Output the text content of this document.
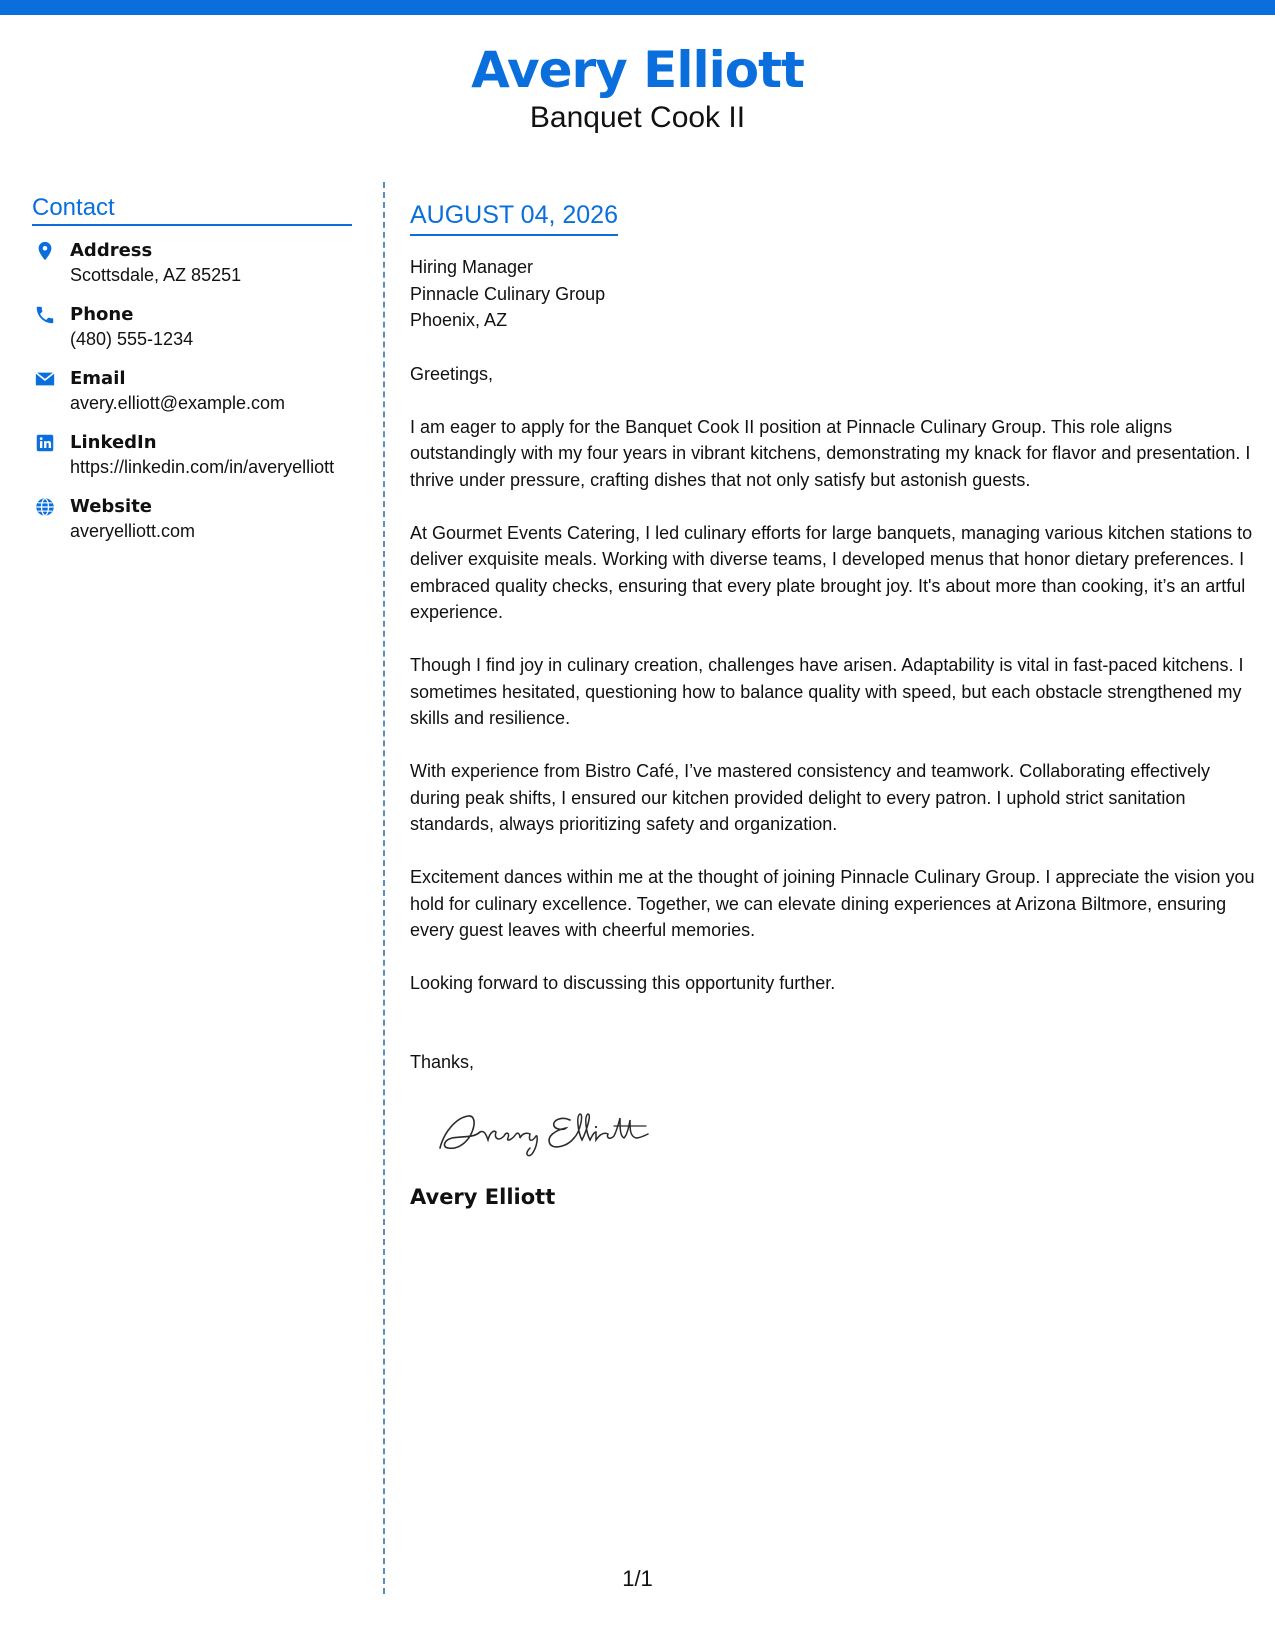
Avery Elliott
Banquet Cook II
Contact
Address
Scottsdale, AZ 85251
Phone
(480) 555-1234
Email
avery.elliott@example.com
LinkedIn
https://linkedin.com/in/averyelliott
Website
averyelliott.com
AUGUST 04, 2026
Hiring Manager
Pinnacle Culinary Group
Phoenix, AZ

Greetings,

I am eager to apply for the Banquet Cook II position at Pinnacle Culinary Group. This role aligns outstandingly with my four years in vibrant kitchens, demonstrating my knack for flavor and presentation. I thrive under pressure, crafting dishes that not only satisfy but astonish guests.

At Gourmet Events Catering, I led culinary efforts for large banquets, managing various kitchen stations to deliver exquisite meals. Working with diverse teams, I developed menus that honor dietary preferences. I embraced quality checks, ensuring that every plate brought joy. It's about more than cooking, it’s an artful experience.

Though I find joy in culinary creation, challenges have arisen. Adaptability is vital in fast-paced kitchens. I sometimes hesitated, questioning how to balance quality with speed, but each obstacle strengthened my skills and resilience.

With experience from Bistro Café, I’ve mastered consistency and teamwork. Collaborating effectively during peak shifts, I ensured our kitchen provided delight to every patron. I uphold strict sanitation standards, always prioritizing safety and organization.

Excitement dances within me at the thought of joining Pinnacle Culinary Group. I appreciate the vision you hold for culinary excellence. Together, we can elevate dining experiences at Arizona Biltmore, ensuring every guest leaves with cheerful memories.

Looking forward to discussing this opportunity further.

Thanks,

Avery Elliott
1/1
